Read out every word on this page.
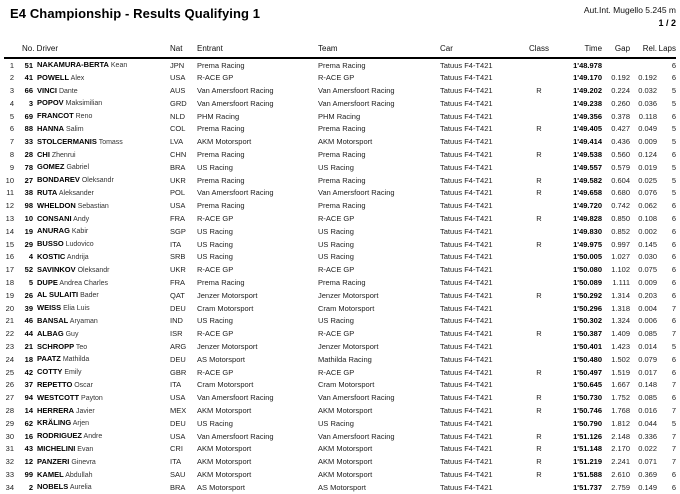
E4 Championship - Results Qualifying 1	Aut.Int. Mugello 5.245 m
1 / 2
No. Driver			Nat	Entrant	Team	Car	Class	Time	Gap	Rel.	Laps
1	51	NAKAMURA-BERTA Kean	JPN	Prema Racing	Prema Racing	Tatuus F4-T421		1'48.978			6
2	41	POWELL Alex	USA	R-ACE GP	R-ACE GP	Tatuus F4-T421		1'49.170	0.192	0.192	6
3	66	VINCI Dante	AUS	Van Amersfoort Racing	Van Amersfoort Racing	Tatuus F4-T421	R	1'49.202	0.224	0.032	5
4	3	POPOV Maksimilian	GRD	Van Amersfoort Racing	Van Amersfoort Racing	Tatuus F4-T421		1'49.238	0.260	0.036	5
5	69	FRANCOT Reno	NLD	PHM Racing	PHM Racing	Tatuus F4-T421		1'49.356	0.378	0.118	6
6	88	HANNA Salim	COL	Prema Racing	Prema Racing	Tatuus F4-T421	R	1'49.405	0.427	0.049	5
7	33	STOLCERMANIS Tomass	LVA	AKM Motorsport	AKM Motorsport	Tatuus F4-T421		1'49.414	0.436	0.009	5
8	28	CHI Zhenrui	CHN	Prema Racing	Prema Racing	Tatuus F4-T421	R	1'49.538	0.560	0.124	6
9	78	GOMEZ Gabriel	BRA	US Racing	US Racing	Tatuus F4-T421		1'49.557	0.579	0.019	5
10	27	BONDAREV Oleksandr	UKR	Prema Racing	Prema Racing	Tatuus F4-T421	R	1'49.582	0.604	0.025	5
11	38	RUTA Aleksander	POL	Van Amersfoort Racing	Van Amersfoort Racing	Tatuus F4-T421	R	1'49.658	0.680	0.076	5
12	98	WHELDON Sebastian	USA	Prema Racing	Prema Racing	Tatuus F4-T421		1'49.720	0.742	0.062	6
13	10	CONSANI Andy	FRA	R-ACE GP	R-ACE GP	Tatuus F4-T421	R	1'49.828	0.850	0.108	6
14	19	ANURAG Kabir	SGP	US Racing	US Racing	Tatuus F4-T421		1'49.830	0.852	0.002	6
15	29	BUSSO Ludovico	ITA	US Racing	US Racing	Tatuus F4-T421	R	1'49.975	0.997	0.145	6
16	4	KOSTIC Andrija	SRB	US Racing	US Racing	Tatuus F4-T421		1'50.005	1.027	0.030	6
17	52	SAVINKOV Oleksandr	UKR	R-ACE GP	R-ACE GP	Tatuus F4-T421		1'50.080	1.102	0.075	6
18	5	DUPE Andrea Charles	FRA	Prema Racing	Prema Racing	Tatuus F4-T421		1'50.089	1.111	0.009	6
19	26	AL SULAITI Bader	QAT	Jenzer Motorsport	Jenzer Motorsport	Tatuus F4-T421	R	1'50.292	1.314	0.203	6
20	39	WEISS Elia Luis	DEU	Cram Motorsport	Cram Motorsport	Tatuus F4-T421		1'50.296	1.318	0.004	7
21	46	BANSAL Aryaman	IND	US Racing	US Racing	Tatuus F4-T421		1'50.302	1.324	0.006	6
22	44	ALBAG Guy	ISR	R-ACE GP	R-ACE GP	Tatuus F4-T421	R	1'50.387	1.409	0.085	7
23	21	SCHROPP Teo	ARG	Jenzer Motorsport	Jenzer Motorsport	Tatuus F4-T421		1'50.401	1.423	0.014	5
24	18	PAATZ Mathilda	DEU	AS Motorsport	Mathilda Racing	Tatuus F4-T421		1'50.480	1.502	0.079	6
25	42	COTTY Emily	GBR	R-ACE GP	R-ACE GP	Tatuus F4-T421	R	1'50.497	1.519	0.017	6
26	37	REPETTO Oscar	ITA	Cram Motorsport	Cram Motorsport	Tatuus F4-T421		1'50.645	1.667	0.148	7
27	94	WESTCOTT Payton	USA	Van Amersfoort Racing	Van Amersfoort Racing	Tatuus F4-T421	R	1'50.730	1.752	0.085	6
28	14	HERRERA Javier	MEX	AKM Motorsport	AKM Motorsport	Tatuus F4-T421	R	1'50.746	1.768	0.016	7
29	62	KRÄLING Arjen	DEU	US Racing	US Racing	Tatuus F4-T421		1'50.790	1.812	0.044	5
30	16	RODRIGUEZ Andre	USA	Van Amersfoort Racing	Van Amersfoort Racing	Tatuus F4-T421	R	1'51.126	2.148	0.336	7
31	43	MICHELINI Evan	CRI	AKM Motorsport	AKM Motorsport	Tatuus F4-T421	R	1'51.148	2.170	0.022	7
32	12	PANZERI Ginevra	ITA	AKM Motorsport	AKM Motorsport	Tatuus F4-T421	R	1'51.219	2.241	0.071	7
33	99	KAMEL Abdullah	SAU	AKM Motorsport	AKM Motorsport	Tatuus F4-T421	R	1'51.588	2.610	0.369	6
34	2	NOBELS Aurelia	BRA	AS Motorsport	AS Motorsport	Tatuus F4-T421		1'51.737	2.759	0.149	6
